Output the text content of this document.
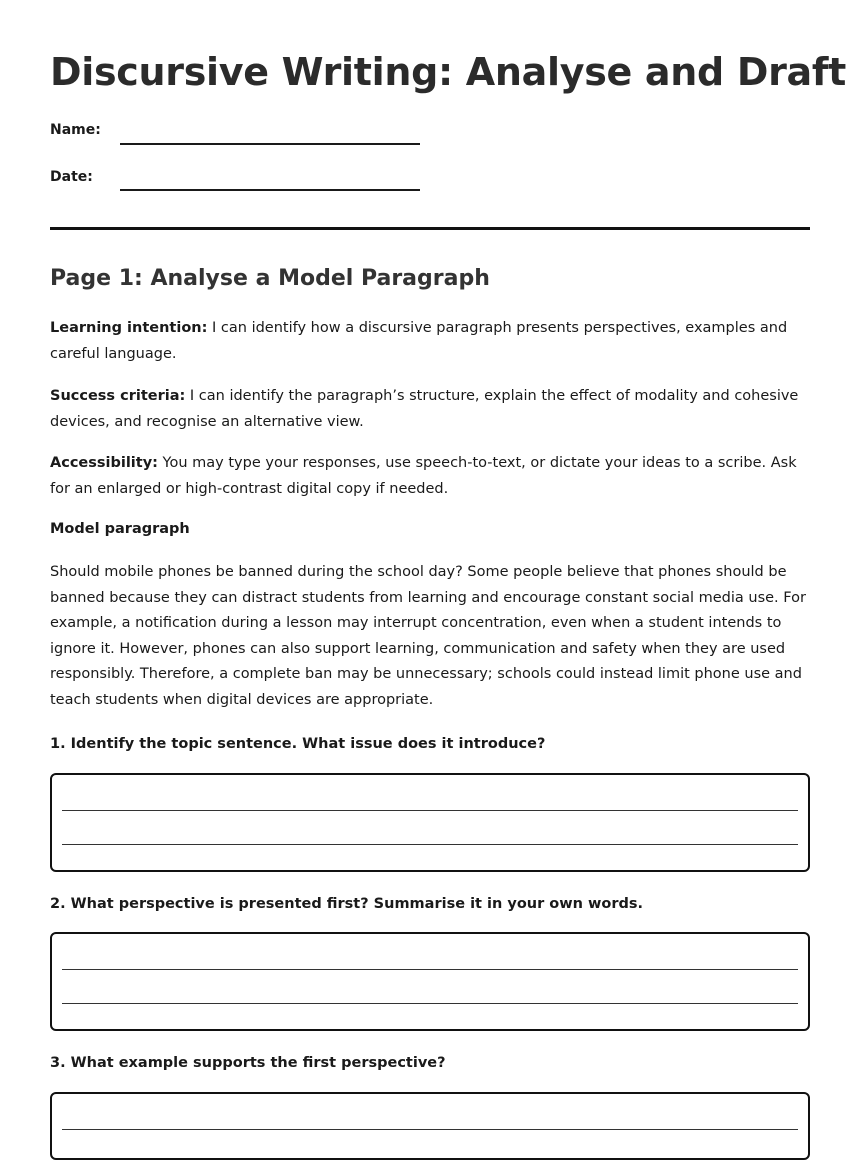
Discursive Writing: Analyse and Draft
Name:
Date:
Page 1: Analyse a Model Paragraph

Learning intention: I can identify how a discursive paragraph presents perspectives, examples and careful language.

Success criteria: I can identify the paragraph’s structure, explain the effect of modality and cohesive devices, and recognise an alternative view.

Accessibility: You may type your responses, use speech-to-text, or dictate your ideas to a scribe. Ask for an enlarged or high-contrast digital copy if needed.

Model paragraph

Should mobile phones be banned during the school day? Some people believe that phones should be banned because they can distract students from learning and encourage constant social media use. For example, a notification during a lesson may interrupt concentration, even when a student intends to ignore it. However, phones can also support learning, communication and safety when they are used responsibly. Therefore, a complete ban may be unnecessary; schools could instead limit phone use and teach students when digital devices are appropriate.

1. Identify the topic sentence. What issue does it introduce?

2. What perspective is presented first? Summarise it in your own words.

3. What example supports the first perspective?
